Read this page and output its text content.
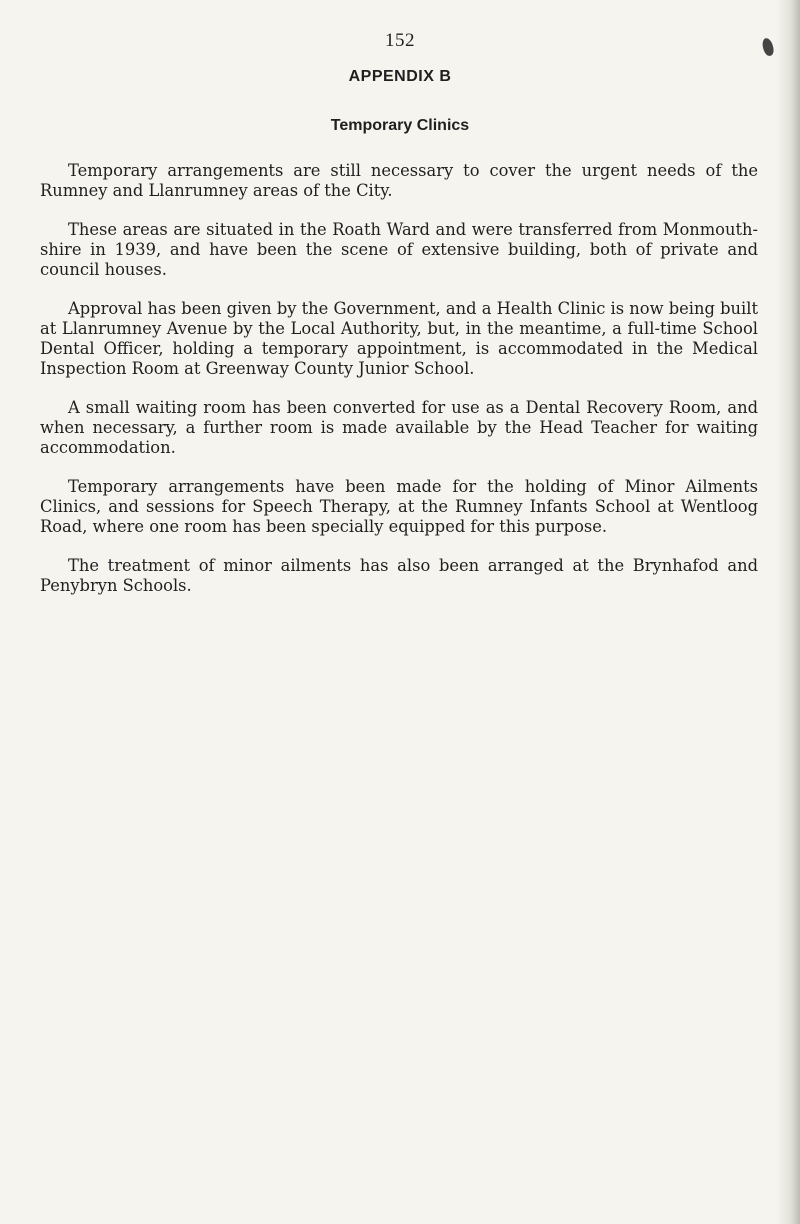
152
APPENDIX B
Temporary Clinics

Temporary arrangements are still necessary to cover the urgent needs of the Rumney and Llanrumney areas of the City.

These areas are situated in the Roath Ward and were transferred from Monmouth-shire in 1939, and have been the scene of extensive building, both of private and council houses.

Approval has been given by the Government, and a Health Clinic is now being built at Llanrumney Avenue by the Local Authority, but, in the meantime, a full-time School Dental Officer, holding a temporary appointment, is accommodated in the Medical Inspection Room at Greenway County Junior School.

A small waiting room has been converted for use as a Dental Recovery Room, and when necessary, a further room is made available by the Head Teacher for waiting accommodation.

Temporary arrangements have been made for the holding of Minor Ailments Clinics, and sessions for Speech Therapy, at the Rumney Infants School at Wentloog Road, where one room has been specially equipped for this purpose.

The treatment of minor ailments has also been arranged at the Brynhafod and Penybryn Schools.
